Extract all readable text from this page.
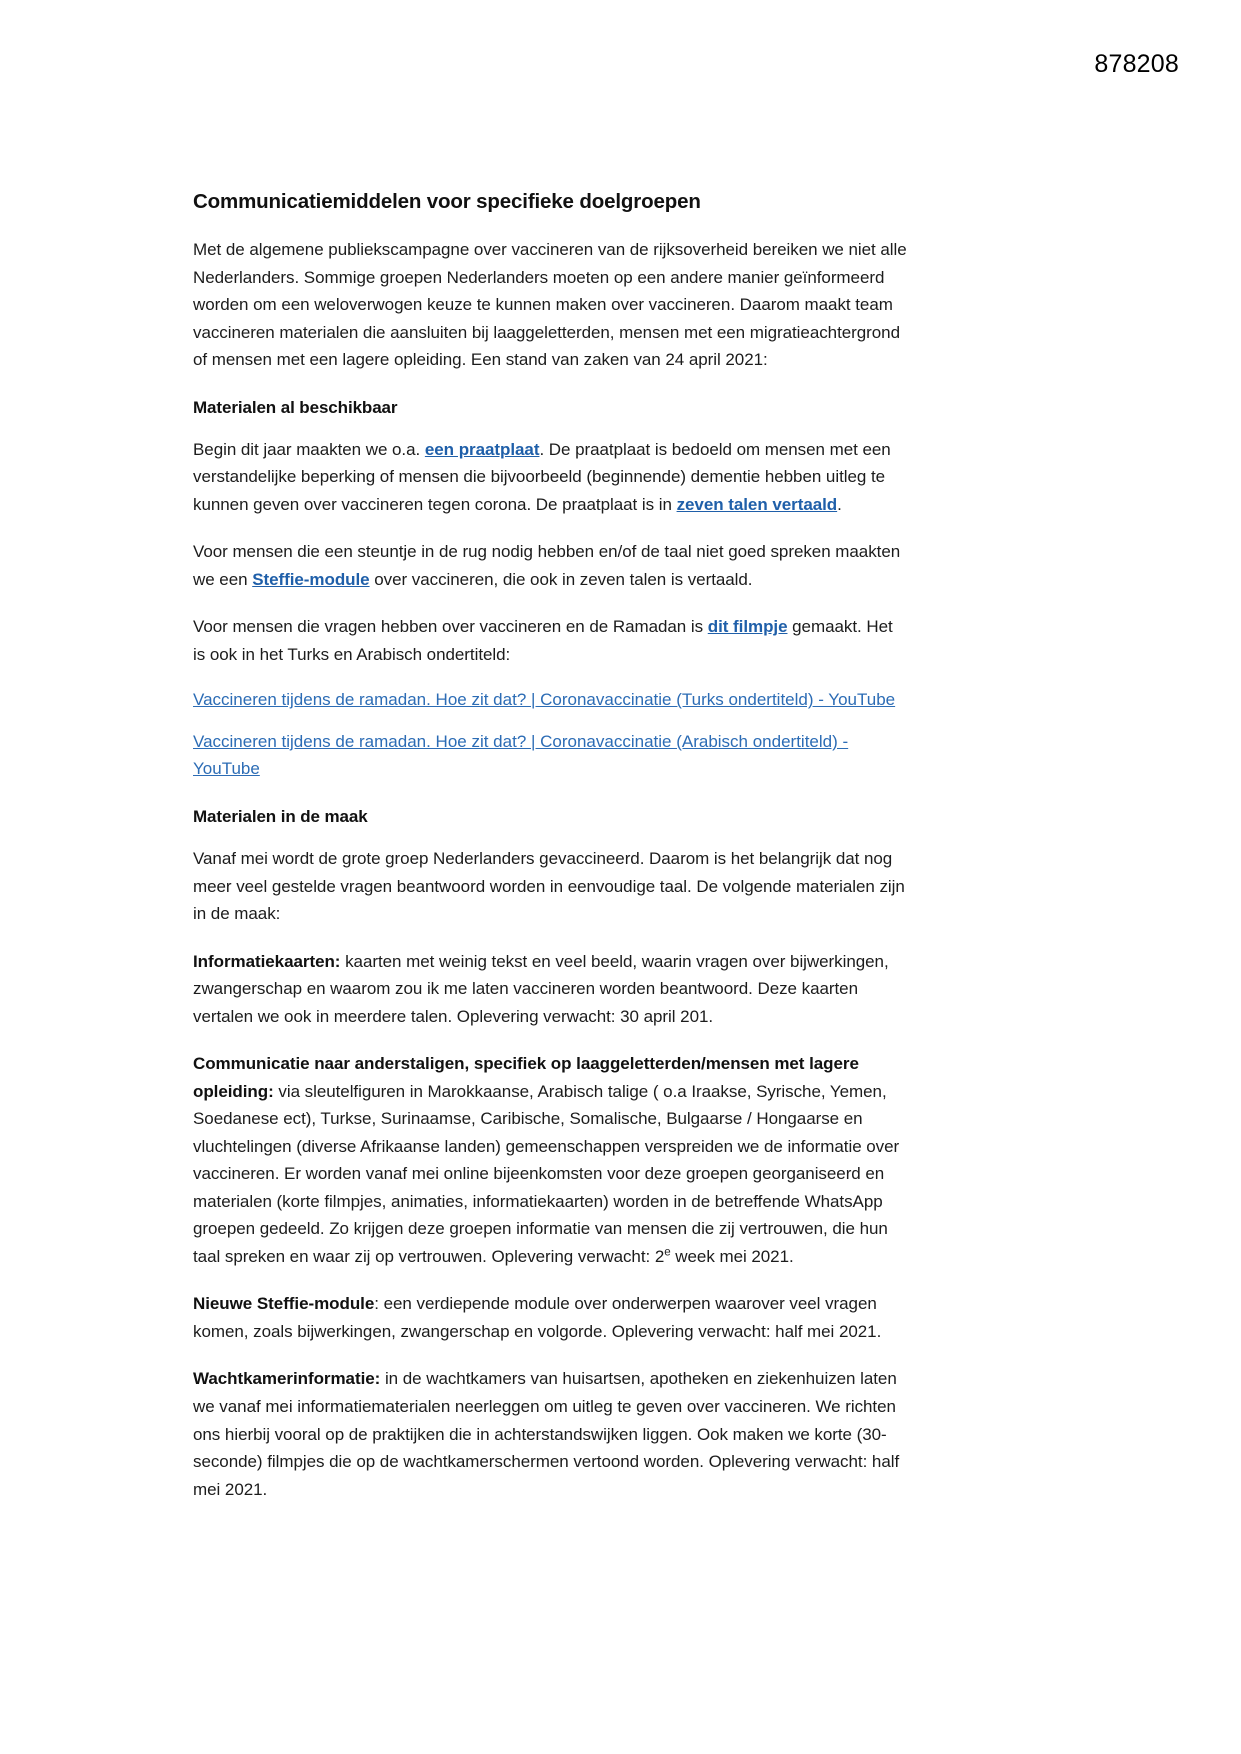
878208
Communicatiemiddelen voor specifieke doelgroepen

Met de algemene publiekscampagne over vaccineren van de rijksoverheid bereiken we niet alle Nederlanders. Sommige groepen Nederlanders moeten op een andere manier geïnformeerd worden om een weloverwogen keuze te kunnen maken over vaccineren. Daarom maakt team vaccineren materialen die aansluiten bij laaggeletterden, mensen met een migratieachtergrond of mensen met een lagere opleiding. Een stand van zaken van 24 april 2021:

Materialen al beschikbaar

Begin dit jaar maakten we o.a. een praatplaat. De praatplaat is bedoeld om mensen met een verstandelijke beperking of mensen die bijvoorbeeld (beginnende) dementie hebben uitleg te kunnen geven over vaccineren tegen corona. De praatplaat is in zeven talen vertaald.

Voor mensen die een steuntje in de rug nodig hebben en/of de taal niet goed spreken maakten we een Steffie-module over vaccineren, die ook in zeven talen is vertaald.

Voor mensen die vragen hebben over vaccineren en de Ramadan is dit filmpje gemaakt. Het is ook in het Turks en Arabisch ondertiteld:

Vaccineren tijdens de ramadan. Hoe zit dat? | Coronavaccinatie (Turks ondertiteld) - YouTube

Vaccineren tijdens de ramadan. Hoe zit dat? | Coronavaccinatie (Arabisch ondertiteld) - YouTube

Materialen in de maak

Vanaf mei wordt de grote groep Nederlanders gevaccineerd. Daarom is het belangrijk dat nog meer veel gestelde vragen beantwoord worden in eenvoudige taal. De volgende materialen zijn in de maak:

Informatiekaarten: kaarten met weinig tekst en veel beeld, waarin vragen over bijwerkingen, zwangerschap en waarom zou ik me laten vaccineren worden beantwoord. Deze kaarten vertalen we ook in meerdere talen. Oplevering verwacht: 30 april 201.

Communicatie naar anderstaligen, specifiek op laaggeletterden/mensen met lagere opleiding: via sleutelfiguren in Marokkaanse, Arabisch talige ( o.a Iraakse, Syrische, Yemen, Soedanese ect), Turkse, Surinaamse, Caribische, Somalische, Bulgaarse / Hongaarse en vluchtelingen (diverse Afrikaanse landen) gemeenschappen verspreiden we de informatie over vaccineren. Er worden vanaf mei online bijeenkomsten voor deze groepen georganiseerd en materialen (korte filmpjes, animaties, informatiekaarten) worden in de betreffende WhatsApp groepen gedeeld. Zo krijgen deze groepen informatie van mensen die zij vertrouwen, die hun taal spreken en waar zij op vertrouwen. Oplevering verwacht: 2e week mei 2021.

Nieuwe Steffie-module: een verdiepende module over onderwerpen waarover veel vragen komen, zoals bijwerkingen, zwangerschap en volgorde. Oplevering verwacht: half mei 2021.

Wachtkamerinformatie: in de wachtkamers van huisartsen, apotheken en ziekenhuizen laten we vanaf mei informatiematerialen neerleggen om uitleg te geven over vaccineren. We richten ons hierbij vooral op de praktijken die in achterstandswijken liggen. Ook maken we korte (30-seconde) filmpjes die op de wachtkamerschermen vertoond worden. Oplevering verwacht: half mei 2021.
